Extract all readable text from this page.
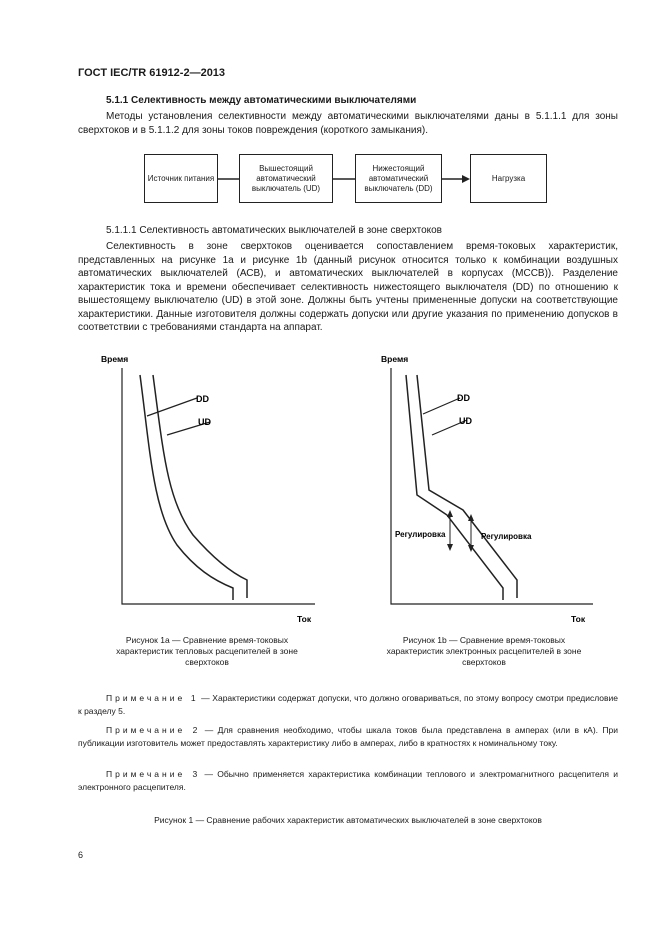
ГОСТ IEC/TR 61912-2—2013
5.1.1 Селективность между автоматическими выключателями

Методы установления селективности между автоматическими выключателями даны в 5.1.1.1 для зоны сверхтоков и в 5.1.1.2 для зоны токов повреждения (короткого замыкания).

Источник питания
Вышестоящий автоматический выключатель (UD)
Нижестоящий автоматический выключатель (DD)
Нагрузка
5.1.1.1 Селективность автоматических выключателей в зоне сверхтоков

Селективность в зоне сверхтоков оценивается сопоставлением время-токовых характеристик, представленных на рисунке 1а и рисунке 1b (данный рисунок относится только к комбинации воздушных автоматических выключателей (АСВ), и автоматических выключателей в корпусах (МССВ)). Разделение характеристик тока и времени обеспечивает селективность нижестоящего выключателя (DD) по отношению к вышестоящему выключателю (UD) в этой зоне. Должны быть учтены примененные допуски на соответствующие характеристики. Данные изготовителя должны содержать допуски или другие указания по применению допусков в соответствии с требованиями стандарта на аппарат.

Время
DD
UD
Ток
Рисунок 1а — Сравнение время-токовых характеристик тепловых расцепителей в зоне сверхтоков
Время
DD
UD
Регулировка	Регулировка
Ток
Рисунок 1b — Сравнение время-токовых характеристик электронных расцепителей в зоне сверхтоков
Примечание 1 — Характеристики содержат допуски, что должно оговариваться, по этому вопросу смотри предисловие к разделу 5.
Примечание 2 — Для сравнения необходимо, чтобы шкала токов была представлена в амперах (или в кА). При публикации изготовитель может предоставлять характеристику либо в амперах, либо в кратностях к номинальному току.
Примечание 3 — Обычно применяется характеристика комбинации теплового и электромагнитного расцепителя и электронного расцепителя.
Рисунок 1 — Сравнение рабочих характеристик автоматических выключателей в зоне сверхтоков
6
